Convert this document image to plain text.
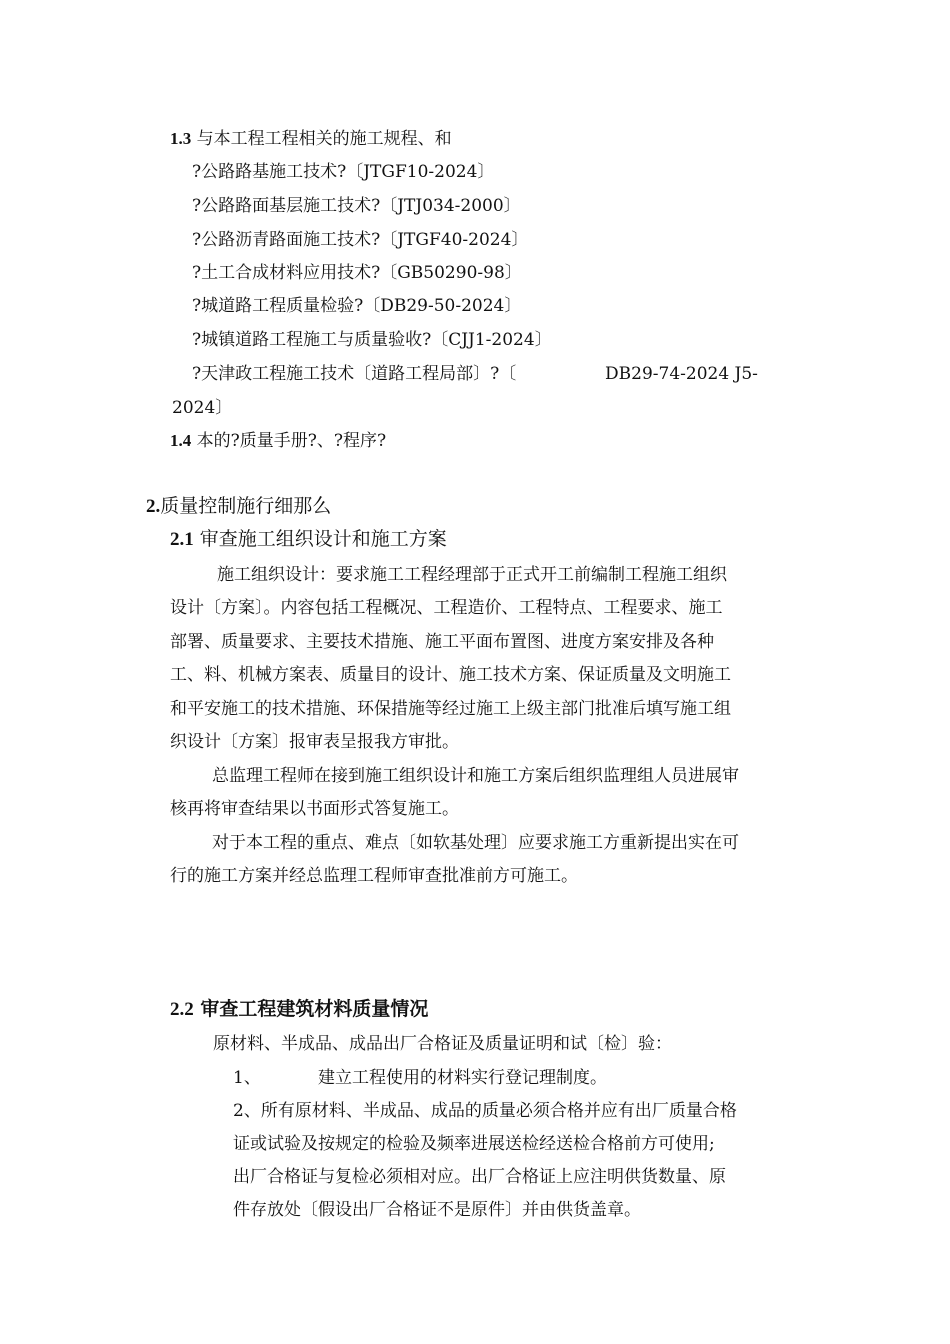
1.3 与本工程工程相关的施工规程、和
?公路路基施工技术?〔JTGF10-2024〕
?公路路面基层施工技术?〔JTJ034-2000〕
?公路沥青路面施工技术?〔JTGF40-2024〕
?土工合成材料应用技术?〔GB50290-98〕
?城道路工程质量检验?〔DB29-50-2024〕
?城镇道路工程施工与质量验收?〔CJJ1-2024〕
?天津政工程施工技术〔道路工程局部〕?〔	DB29-74-2024 J5-
2024〕
1.4 本的?质量手册?、?程序?
2.质量控制施行细那么
2.1 审查施工组织设计和施工方案
施工组织设计：要求施工工程经理部于正式开工前编制工程施工组织
设计〔方案〕。内容包括工程概况、工程造价、工程特点、工程要求、施工
部署、质量要求、主要技术措施、施工平面布置图、进度方案安排及各种
工、料、机械方案表、质量目的设计、施工技术方案、保证质量及文明施工
和平安施工的技术措施、环保措施等经过施工上级主部门批准后填写施工组
织设计〔方案〕报审表呈报我方审批。
总监理工程师在接到施工组织设计和施工方案后组织监理组人员进展审
核再将审查结果以书面形式答复施工。
对于本工程的重点、难点〔如软基处理〕应要求施工方重新提出实在可
行的施工方案并经总监理工程师审查批准前方可施工。
2.2 审查工程建筑材料质量情况
原材料、半成品、成品出厂合格证及质量证明和试〔检〕验：
1、	建立工程使用的材料实行登记理制度。
2、所有原材料、半成品、成品的质量必须合格并应有出厂质量合格
证或试验及按规定的检验及频率进展送检经送检合格前方可使用;
出厂合格证与复检必须相对应。出厂合格证上应注明供货数量、原
件存放处〔假设出厂合格证不是原件〕并由供货盖章。
